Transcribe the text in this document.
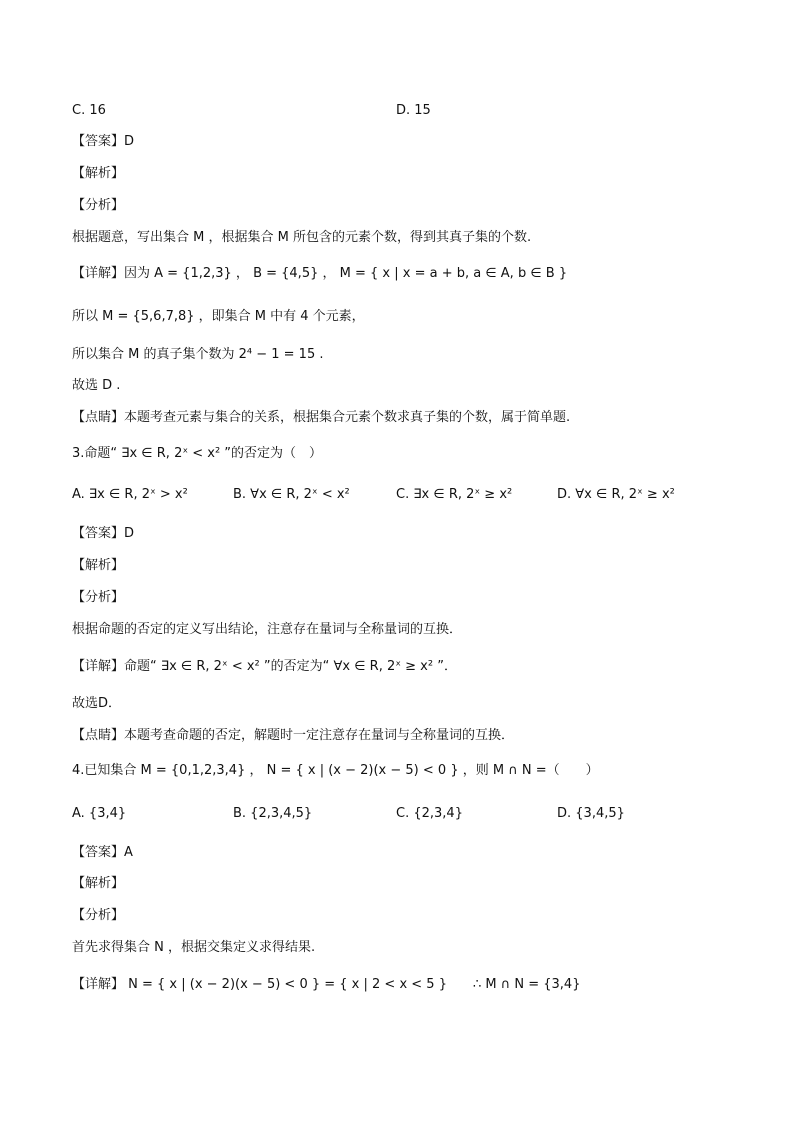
C. 16	D. 15
【答案】D
【解析】
【分析】
根据题意，写出集合 M ，根据集合 M 所包含的元素个数，得到其真子集的个数.
【详解】因为 A = {1,2,3} ， B = {4,5} ， M = { x | x = a + b, a ∈ A, b ∈ B }
所以 M = {5,6,7,8} ，即集合 M 中有 4 个元素，
所以集合 M 的真子集个数为 2⁴ − 1 = 15 .
故选 D .
【点睛】本题考查元素与集合的关系，根据集合元素个数求真子集的个数，属于简单题.
3.命题“ ∃x ∈ R, 2ˣ < x² ”的否定为（　）
A. ∃x ∈ R, 2ˣ > x²	B. ∀x ∈ R, 2ˣ < x²	C. ∃x ∈ R, 2ˣ ≥ x²	D. ∀x ∈ R, 2ˣ ≥ x²
【答案】D
【解析】
【分析】
根据命题的否定的定义写出结论，注意存在量词与全称量词的互换．
【详解】命题“ ∃x ∈ R, 2ˣ < x² ”的否定为“ ∀x ∈ R, 2ˣ ≥ x² ”．
故选D．
【点睛】本题考查命题的否定，解题时一定注意存在量词与全称量词的互换．
4.已知集合 M = {0,1,2,3,4} ， N = { x | (x − 2)(x − 5) < 0 } ，则 M ∩ N =（　　）
A. {3,4}	B. {2,3,4,5}	C. {2,3,4}	D. {3,4,5}
【答案】A
【解析】
【分析】
首先求得集合 N ，根据交集定义求得结果.
【详解】 N = { x | (x − 2)(x − 5) < 0 } = { x | 2 < x < 5 }　　∴ M ∩ N = {3,4}
